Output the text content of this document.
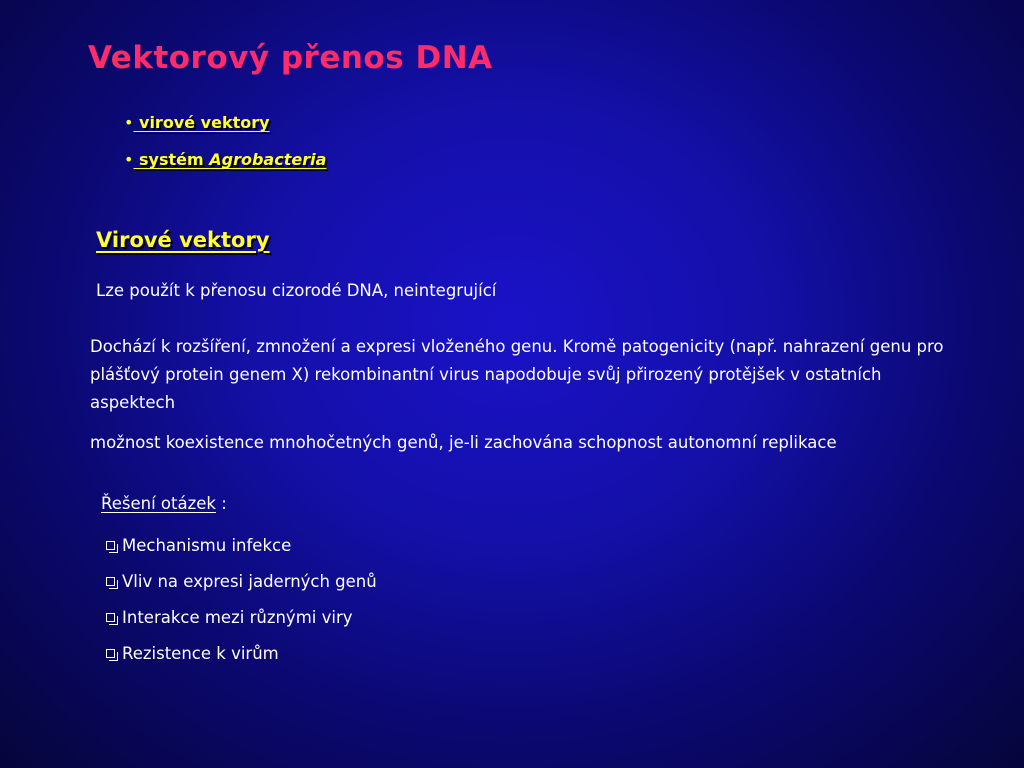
Vektorový přenos DNA
• virové vektory
• systém Agrobacteria
Virové vektory
Lze použít k přenosu cizorodé DNA, neintegrující
Dochází k rozšíření, zmnožení a expresi vloženého genu. Kromě patogenicity (např. nahrazení genu pro plášťový protein genem X) rekombinantní virus napodobuje svůj přirozený protějšek v ostatních aspektech
možnost koexistence mnohočetných genů, je-li zachována schopnost autonomní replikace
Řešení otázek :
Mechanismu infekce
Vliv na expresi jaderných genů
Interakce mezi různými viry
Rezistence k virům
